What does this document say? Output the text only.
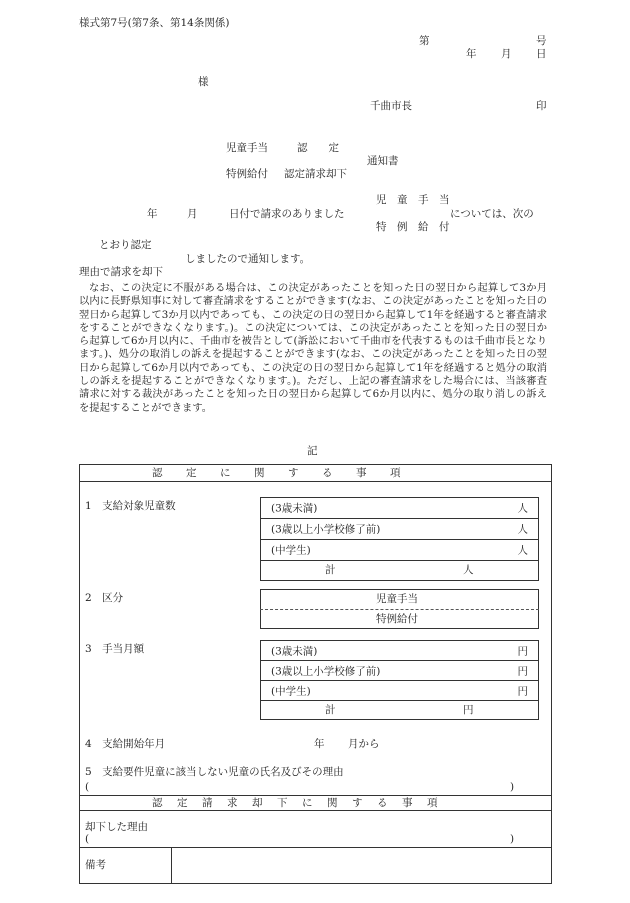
様式第7号(第7条、第14条関係)
第	号
年 月 日
様
千曲市長	印
児童手当	認　　定
通知書
特例給付 認定請求却下
児　童　手　当
年	月	日付で請求のありました	については、次の
特　例　給　付
とおり認定
しましたので通知します。
理由で請求を却下
なお、この決定に不服がある場合は、この決定があったことを知った日の翌日から起算して3か月以内に長野県知事に対して審査請求をすることができます(なお、この決定があったことを知った日の翌日から起算して3か月以内であっても、この決定の日の翌日から起算して1年を経過すると審査請求をすることができなくなります。)。この決定については、この決定があったことを知った日の翌日から起算して6か月以内に、千曲市を被告として(訴訟において千曲市を代表するものは千曲市長となります。)、処分の取消しの訴えを提起することができます(なお、この決定があったことを知った日の翌日から起算して6か月以内であっても、この決定の日の翌日から起算して1年を経過すると処分の取消しの訴えを提起することができなくなります。)。ただし、上記の審査請求をした場合には、当該審査請求に対する裁決があったことを知った日の翌日から起算して6か月以内に、処分の取り消しの訴えを提起することができます。
記
認定に関する事項
1　支給対象児童数	(3歳未満)	人
(3歳以上小学校修了前)	人
(中学生)	人
計	人
2　区分	児童手当
特例給付
3　手当月額	(3歳未満)	円
(3歳以上小学校修了前)	円
(中学生)	円
計	円
4　支給開始年月	年 月から
5　支給要件児童に該当しない児童の氏名及びその理由
(	)
認定請求却下に関する事項
却下した理由
(	)
備考
